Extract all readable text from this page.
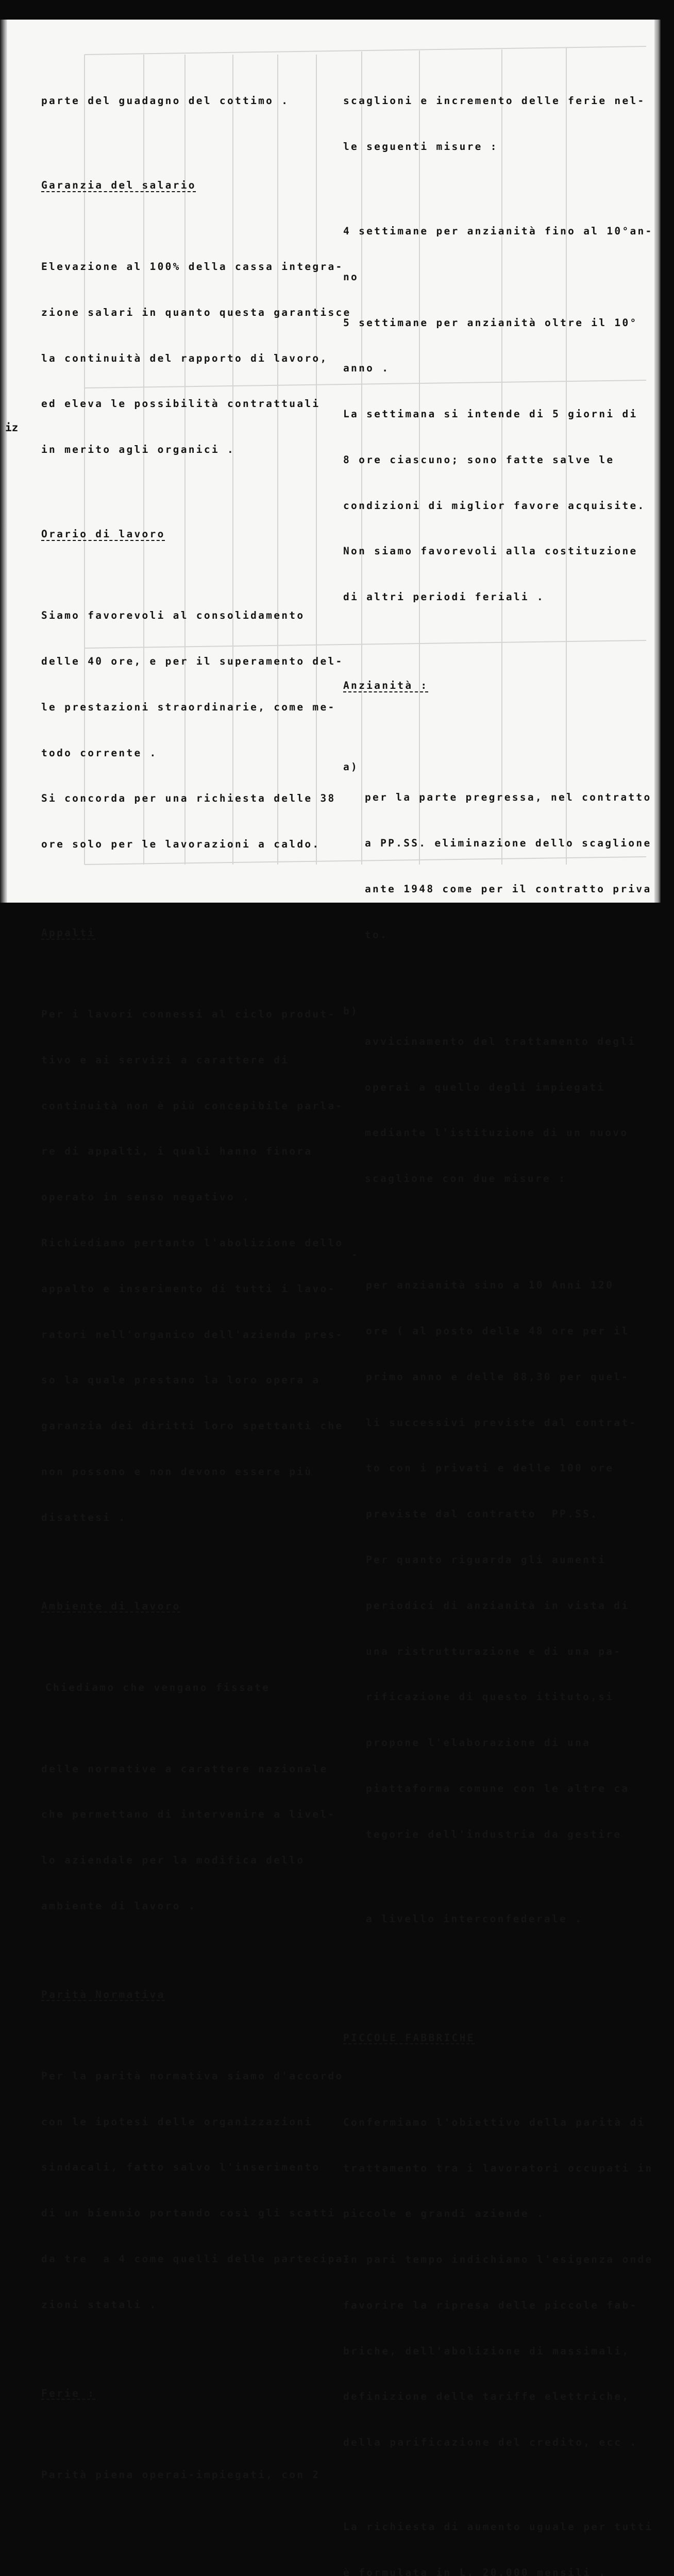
iz

parte del guadagno del cottimo .

Garanzia del salario

Elevazione al 100% della cassa integra-

zione salari in quanto questa garantisce

la continuità del rapporto di lavoro,

ed eleva le possibilità contrattuali

in merito agli organici .

Orario di lavoro

Siamo favorevoli al consolidamento

delle 40 ore, e per il superamento del-

le prestazioni straordinarie, come me-

todo corrente .

Si concorda per una richiesta delle 38

ore solo per le lavorazioni a caldo.

Appalti

Per i lavori connessi al ciclo produt-

tivo e ai servizi a carattere di

continuità non è più concepibile parla-

re di appalti, i quali hanno finora

operato in senso negativo .

Richiediamo pertanto l'abolizione dello

appalto e inserimento di tutti i lavo-

ratori nell'organico dell'azienda pres-

so la quale prestano la loro opera a

garanzia dei diritti loro spettanti che

non possono e non devono essere più

disattesi .

Ambiente di lavoro

Chiediamo che vengano fissate

delle normative a carattere nazionale

che permettano di intervenire a livel-

lo aziendale per la modifica dello

ambiente di lavoro .

Parità Normativa

Per la parità normativa siamo d'accordo

con le ipotesi delle organizzazioni

sindacali, fatto salvo l'inserimento

di un biennio portando così gli scatti

da tre  a 4 come quelli delle partecipa-

zioni statali .

Ferie :

Parità piena operai-impiegati, con 2

scaglioni e incremento delle ferie nel-

le seguenti misure :

4 settimane per anzianità fino al 10°an-

no

5 settimane per anzianità oltre il 10°

anno .

La settimana si intende di 5 giorni di

8 ore ciascuno; sono fatte salve le

condizioni di miglior favore acquisite.

Non siamo favorevoli alla costituzione

di altri periodi feriali .

Anzianità :

a)

per la parte pregressa, nel contratto

a PP.SS. eliminazione dello scaglione

ante 1948 come per il contratto priva

to.

b)

avvicinamento del trattamento degli

operai a quello degli impiegati

mediante l'istituzione di un nuovo

scaglione con due misure :

-

per anzianità sino a 10 Anni 120

ore ( al posto delle 48 ore per il

primo anno e delle 88,30 per quel-

li successivi previste dal contrat-

to con i privati e delle 100 ore

previste dal contratto  PP.SS.

Per quanto riguarda gli aumenti

periodici di anzianità in vista di

una ristrutturazione e di una pa-

rificazione di questo ititutо,si

propone l'elaborazione di una

piattaforma comune con le altre ca

tegorie dell'industria da gestire

a livello interconfederale .

PICCOLE FABBRICHE

Confermiamo l'obiettivo della parità di

trattamento tra i lavoratori occupati in

piccole e grandi aziende .

In pari tempo indichiamo l'esigenza onde

favorire la ripresa delle piccole fab-

briche, dell'abolizione di massimali,

definizione delle tariffe elettriche,

della parificazione del credito, ecc .

La richiesta di aumento uguale per tutti

è formulata in L. 20.000 mensili .
